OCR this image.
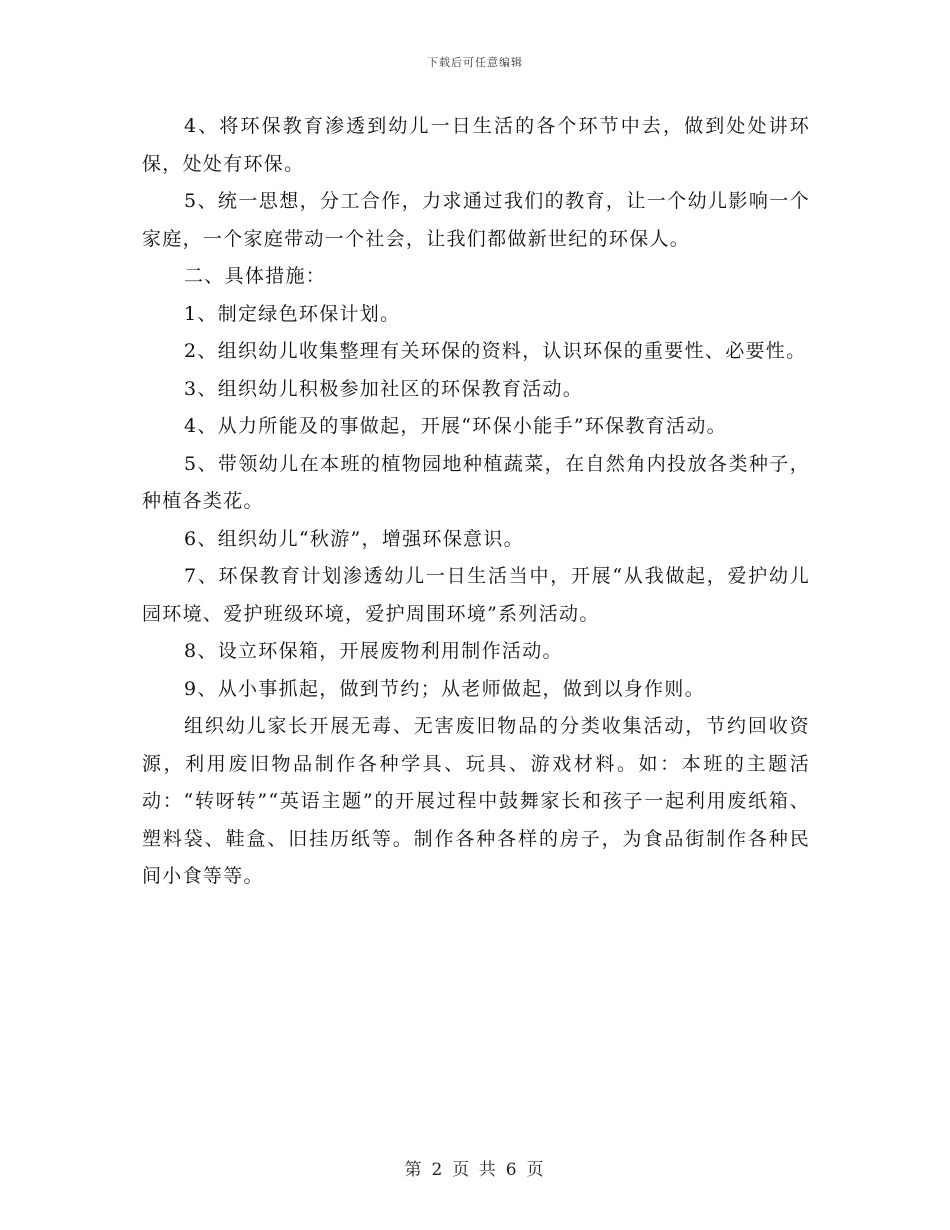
下载后可任意编辑

4、将环保教育渗透到幼儿一日生活的各个环节中去，做到处处讲环保，处处有环保。

5、统一思想，分工合作，力求通过我们的教育，让一个幼儿影响一个家庭，一个家庭带动一个社会，让我们都做新世纪的环保人。

二、具体措施：

1、制定绿色环保计划。

2、组织幼儿收集整理有关环保的资料，认识环保的重要性、必要性。

3、组织幼儿积极参加社区的环保教育活动。

4、从力所能及的事做起，开展“环保小能手”环保教育活动。

5、带领幼儿在本班的植物园地种植蔬菜，在自然角内投放各类种子，种植各类花。

6、组织幼儿“秋游”，增强环保意识。

7、环保教育计划渗透幼儿一日生活当中，开展“从我做起，爱护幼儿园环境、爱护班级环境，爱护周围环境”系列活动。

8、设立环保箱，开展废物利用制作活动。

9、从小事抓起，做到节约；从老师做起，做到以身作则。

组织幼儿家长开展无毒、无害废旧物品的分类收集活动，节约回收资源，利用废旧物品制作各种学具、玩具、游戏材料。如：本班的主题活动：“转呀转”“英语主题”的开展过程中鼓舞家长和孩子一起利用废纸箱、塑料袋、鞋盒、旧挂历纸等。制作各种各样的房子，为食品街制作各种民间小食等等。

第 2 页 共 6 页
